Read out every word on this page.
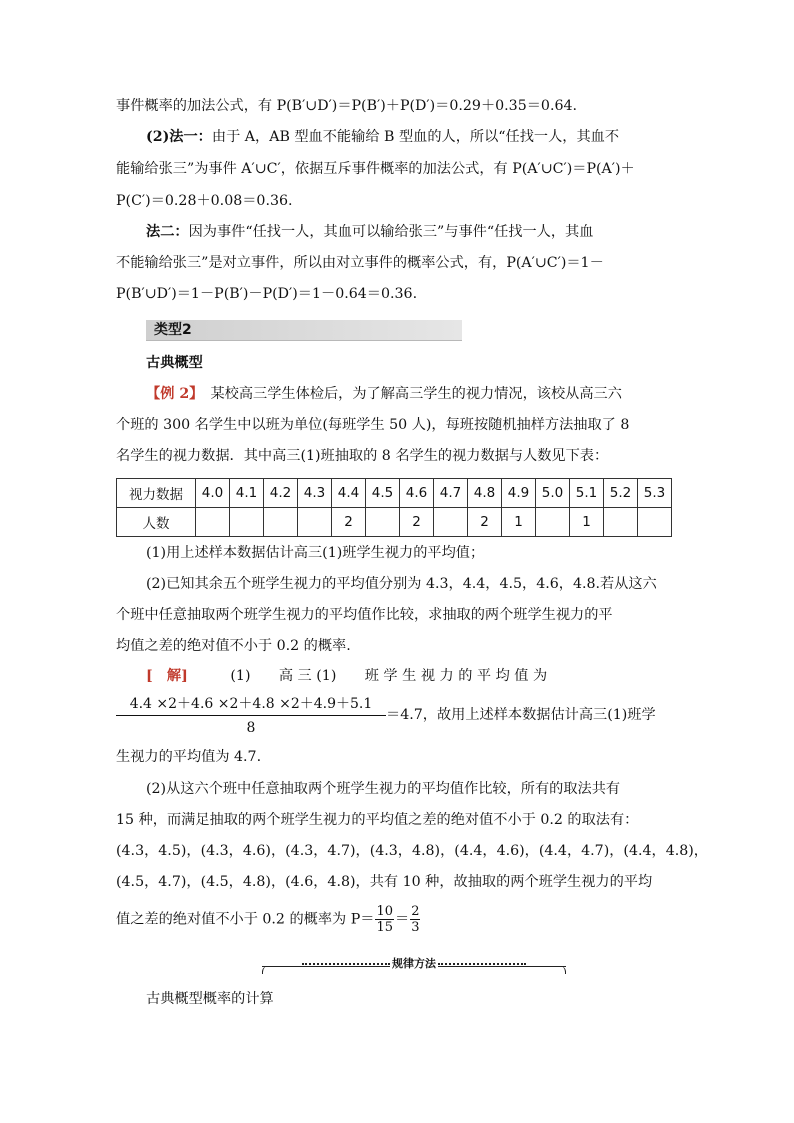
事件概率的加法公式，有 P(B′∪D′)＝P(B′)＋P(D′)＝0.29＋0.35＝0.64.
(2)法一：由于 A，AB 型血不能输给 B 型血的人，所以“任找一人，其血不
能输给张三”为事件 A′∪C′，依据互斥事件概率的加法公式，有 P(A′∪C′)＝P(A′)＋
P(C′)＝0.28＋0.08＝0.36.
法二：因为事件“任找一人，其血可以输给张三”与事件“任找一人，其血
不能输给张三”是对立事件，所以由对立事件的概率公式，有，P(A′∪C′)＝1－
P(B′∪D′)＝1－P(B′)－P(D′)＝1－0.64＝0.36.
类型2
古典概型
【例 2】　 某校高三学生体检后，为了解高三学生的视力情况，该校从高三六
个班的 300 名学生中以班为单位(每班学生 50 人)，每班按随机抽样方法抽取了 8
名学生的视力数据．其中高三(1)班抽取的 8 名学生的视力数据与人数见下表：
视力数据	4.0	4.1	4.2	4.3	4.4	4.5	4.6	4.7	4.8	4.9	5.0	5.1	5.2	5.3
人数					2		2		2	1		1		
(1)用上述样本数据估计高三(1)班学生视力的平均值；
(2)已知其余五个班学生视力的平均值分别为 4.3，4.4，4.5，4.6，4.8.若从这六
个班中任意抽取两个班学生视力的平均值作比较，求抽取的两个班学生视力的平
均值之差的绝对值不小于 0.2 的概率.
[　解]　　　	(1)　　高 三 (1)　　班 学 生 视 力 的 平 均 值 为
$\frac{4.4 \times 2+4.6 \times 2+4.8 \times 2+4.9+5.1}{8} =4.7$，故用上述样本数据估计高三(1)班学
生视力的平均值为 4.7.
(2)从这六个班中任意抽取两个班学生视力的平均值作比较，所有的取法共有
15 种，而满足抽取的两个班学生视力的平均值之差的绝对值不小于 0.2 的取法有：
(4.3，4.5)，(4.3，4.6)，(4.3，4.7)，(4.3，4.8)，(4.4，4.6)，(4.4，4.7)，(4.4，4.8)，
(4.5，4.7)，(4.5，4.8)，(4.6，4.8)，共有 10 种，故抽取的两个班学生视力的平均
值之差的绝对值不小于 0.2 的概率为 $P= \frac{10}{15} = \frac{2}{3}$
规律方法
古典概型概率的计算
